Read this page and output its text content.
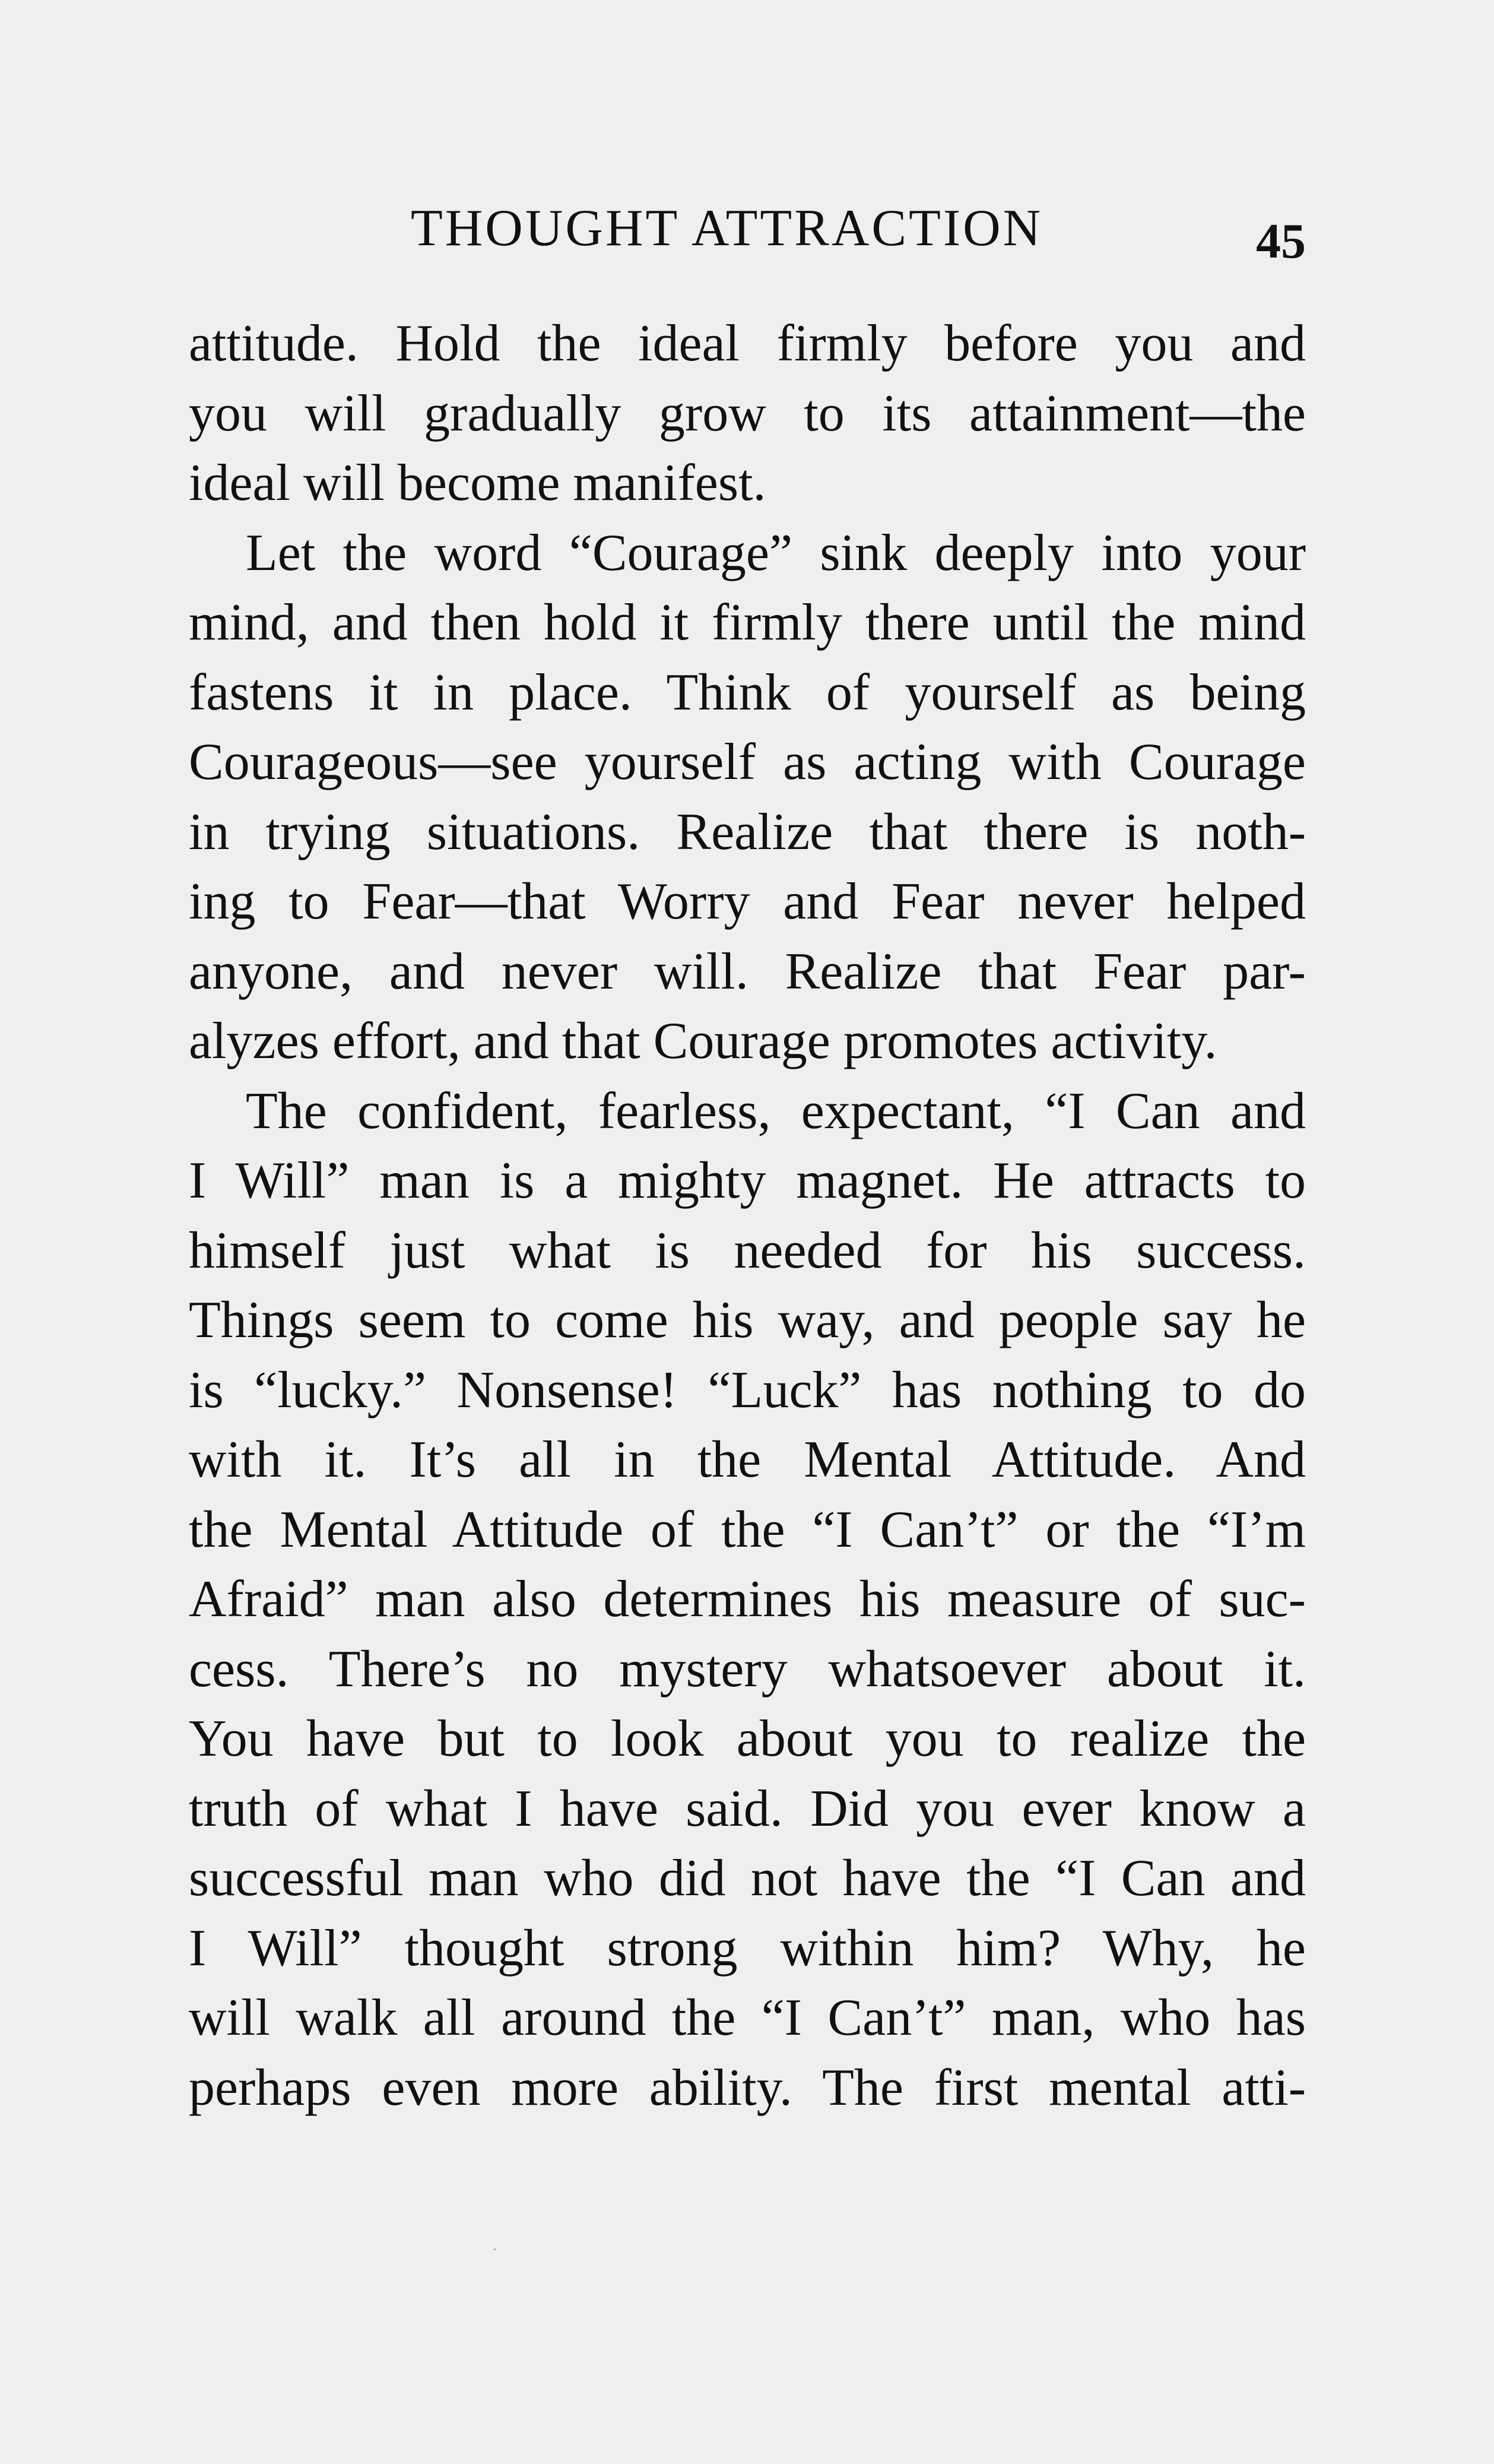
THOUGHT ATTRACTION	45
attitude. Hold the ideal firmly before you and
you will gradually grow to its attainment—the
ideal will become manifest.
Let the word “Courage” sink deeply into your
mind, and then hold it firmly there until the mind
fastens it in place. Think of yourself as being
Courageous—see yourself as acting with Courage
in trying situations. Realize that there is noth-
ing to Fear—that Worry and Fear never helped
anyone, and never will. Realize that Fear par-
alyzes effort, and that Courage promotes activity.
The confident, fearless, expectant, “I Can and
I Will” man is a mighty magnet. He attracts to
himself just what is needed for his success.
Things seem to come his way, and people say he
is “lucky.” Nonsense! “Luck” has nothing to do
with it. It’s all in the Mental Attitude. And
the Mental Attitude of the “I Can’t” or the “I’m
Afraid” man also determines his measure of suc-
cess. There’s no mystery whatsoever about it.
You have but to look about you to realize the
truth of what I have said. Did you ever know a
successful man who did not have the “I Can and
I Will” thought strong within him? Why, he
will walk all around the “I Can’t” man, who has
perhaps even more ability. The first mental atti-
